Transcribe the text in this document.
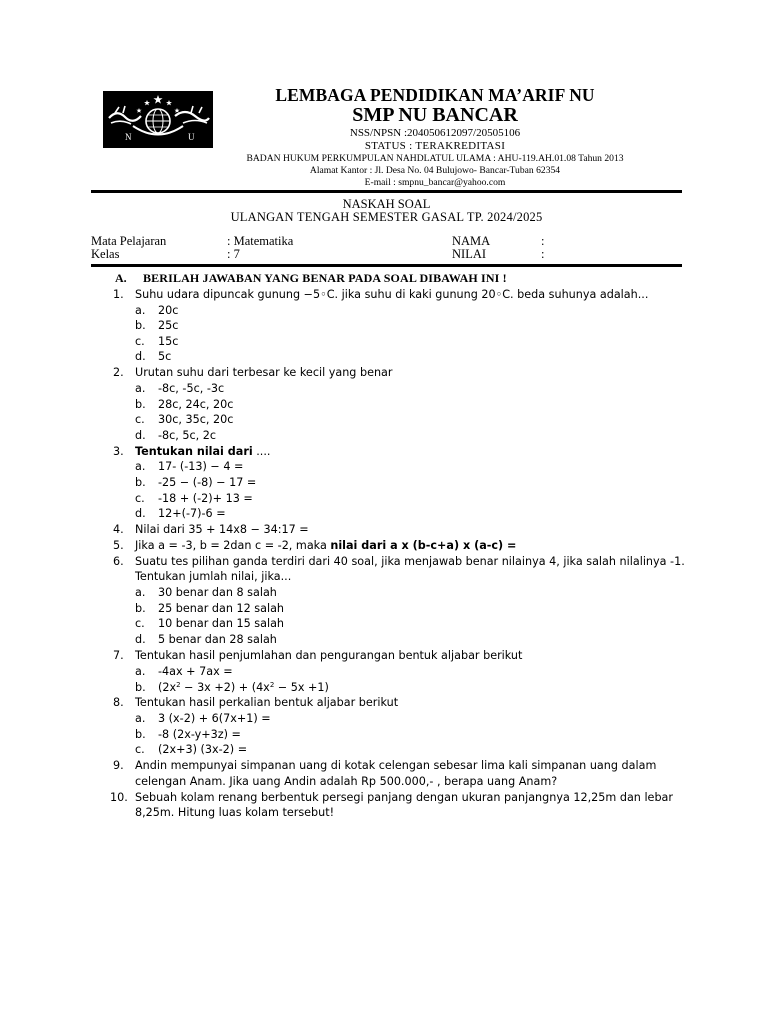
N	U
LEMBAGA PENDIDIKAN MA’ARIF NU
SMP NU BANCAR
NSS/NPSN :204050612097/20505106
STATUS : TERAKREDITASI
BADAN HUKUM PERKUMPULAN NAHDLATUL ULAMA : AHU-119.AH.01.08 Tahun 2013
Alamat Kantor : Jl. Desa No. 04 Bulujowo- Bancar-Tuban 62354
E-mail : smpnu_bancar@yahoo.com
NASKAH SOAL
ULANGAN TENGAH SEMESTER GASAL TP. 2024/2025
Mata Pelajaran	: Matematika
Kelas	: 7
NAMA	:
NILAI	:
A. BERILAH JAWABAN YANG BENAR PADA SOAL DIBAWAH INI !
1. Suhu udara dipuncak gunung −5◦C. jika suhu di kaki gunung 20◦C. beda suhunya adalah...
a. 20c
b. 25c
c. 15c
d. 5c
2. Urutan suhu dari terbesar ke kecil yang benar
a. -8c, -5c, -3c
b. 28c, 24c, 20c
c. 30c, 35c, 20c
d. -8c, 5c, 2c
3. Tentukan nilai dari ....
a. 17- (-13) − 4 =
b. -25 − (-8) − 17 =
c. -18 + (-2)+ 13 =
d. 12+(-7)-6 =
4. Nilai dari 35 + 14x8 − 34:17 =
5. Jika a = -3, b = 2dan c = -2, maka nilai dari a x (b-c+a) x (a-c) =
6. Suatu tes pilihan ganda terdiri dari 40 soal, jika menjawab benar nilainya 4, jika salah nilalinya -1.
Tentukan jumlah nilai, jika...
a. 30 benar dan 8 salah
b. 25 benar dan 12 salah
c. 10 benar dan 15 salah
d. 5 benar dan 28 salah
7. Tentukan hasil penjumlahan dan pengurangan bentuk aljabar berikut
a. -4ax + 7ax =
b. $(2x^2 - 3x +2) + (4x^2 - 5x +1)$
8. Tentukan hasil perkalian bentuk aljabar berikut
a. 3 (x-2) + 6(7x+1) =
b. -8 (2x-y+3z) =
c. (2x+3) (3x-2) =
9. Andin mempunyai simpanan uang di kotak celengan sebesar lima kali simpanan uang dalam
celengan Anam. Jika uang Andin adalah Rp 500.000,- , berapa uang Anam?
10. Sebuah kolam renang berbentuk persegi panjang dengan ukuran panjangnya 12,25m dan lebar
8,25m. Hitung luas kolam tersebut!
